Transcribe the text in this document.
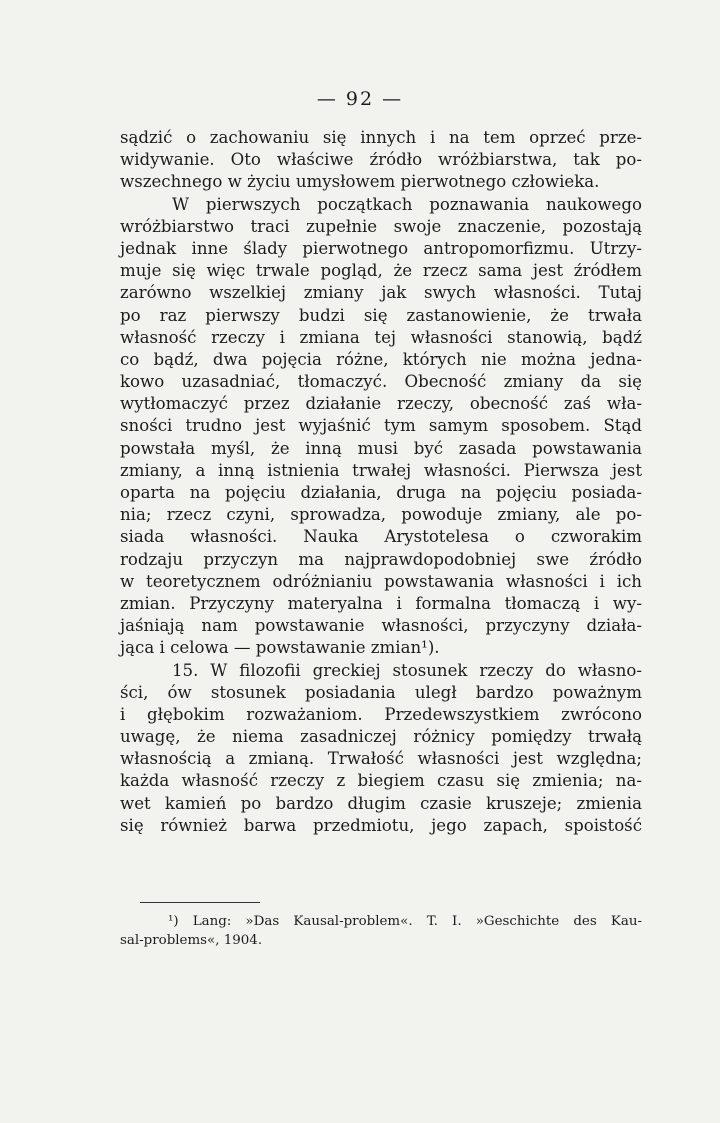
— 92 —
sądzić o zachowaniu się innych i na tem oprzeć prze-
widywanie. Oto właściwe źródło wróżbiarstwa, tak po-
wszechnego w życiu umysłowem pierwotnego człowieka.
W pierwszych początkach poznawania naukowego
wróżbiarstwo traci zupełnie swoje znaczenie, pozostają
jednak inne ślady pierwotnego antropomorfizmu. Utrzy-
muje się więc trwale pogląd, że rzecz sama jest źródłem
zarówno wszelkiej zmiany jak swych własności. Tutaj
po raz pierwszy budzi się zastanowienie, że trwała
własność rzeczy i zmiana tej własności stanowią, bądź
co bądź, dwa pojęcia różne, których nie można jedna-
kowo uzasadniać, tłomaczyć. Obecność zmiany da się
wytłomaczyć przez działanie rzeczy, obecność zaś wła-
sności trudno jest wyjaśnić tym samym sposobem. Stąd
powstała myśl, że inną musi być zasada powstawania
zmiany, a inną istnienia trwałej własności. Pierwsza jest
oparta na pojęciu działania, druga na pojęciu posiada-
nia; rzecz czyni, sprowadza, powoduje zmiany, ale po-
siada własności. Nauka Arystotelesa o czworakim
rodzaju przyczyn ma najprawdopodobniej swe źródło
w teoretycznem odróżnianiu powstawania własności i ich
zmian. Przyczyny materyalna i formalna tłomaczą i wy-
jaśniają nam powstawanie własności, przyczyny działa-
jąca i celowa — powstawanie zmian¹).
15. W filozofii greckiej stosunek rzeczy do własno-
ści, ów stosunek posiadania uległ bardzo poważnym
i głębokim rozważaniom. Przedewszystkiem zwrócono
uwagę, że niema zasadniczej różnicy pomiędzy trwałą
własnością a zmianą. Trwałość własności jest względna;
każda własność rzeczy z biegiem czasu się zmienia; na-
wet kamień po bardzo długim czasie kruszeje; zmienia
się również barwa przedmiotu, jego zapach, spoistość
¹) Lang: »Das Kausal-problem«. T. I. »Geschichte des Kau-
sal-problems«, 1904.
